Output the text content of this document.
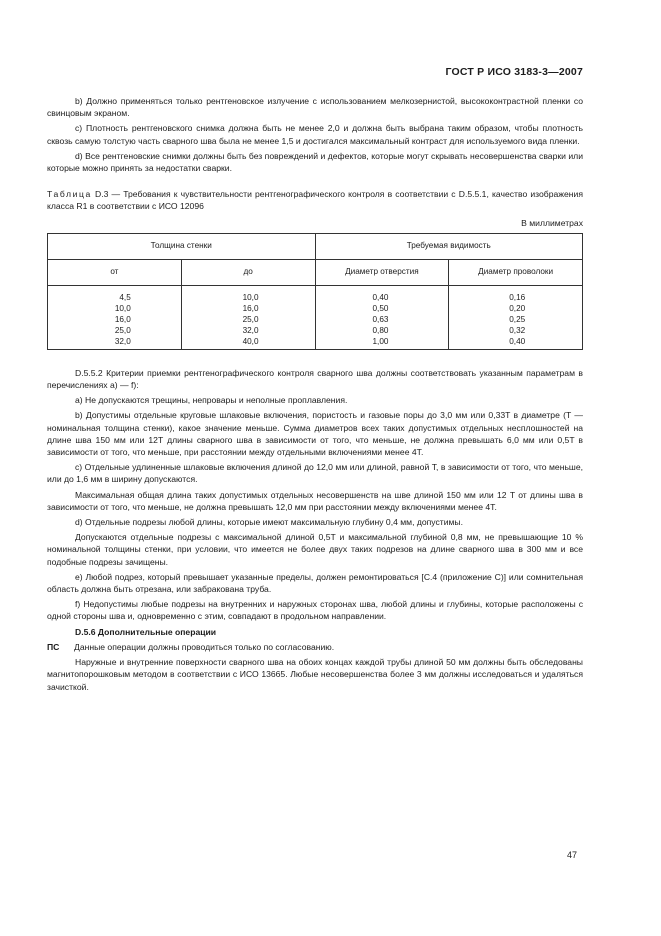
ГОСТ Р ИСО 3183-3—2007

b) Должно применяться только рентгеновское излучение с использованием мелкозернистой, высококонтрастной пленки со свинцовым экраном.

c) Плотность рентгеновского снимка должна быть не менее 2,0 и должна быть выбрана таким образом, чтобы плотность сквозь самую толстую часть сварного шва была не менее 1,5 и достигался максимальный контраст для используемого вида пленки.

d) Все рентгеновские снимки должны быть без повреждений и дефектов, которые могут скрывать несовершенства сварки или которые можно принять за недостатки сварки.

Таблица D.3 — Требования к чувствительности рентгенографического контроля в соответствии с D.5.5.1, качество изображения класса R1 в соответствии с ИСО 12096

В миллиметрах
Толщина стенки		Требуемая видимость	
от	до	Диаметр отверстия	Диаметр проволоки
4,5	10,0	0,40	0,16
10,0	16,0	0,50	0,20
16,0	25,0	0,63	0,25
25,0	32,0	0,80	0,32
32,0	40,0	1,00	0,40

D.5.5.2 Критерии приемки рентгенографического контроля сварного шва должны соответствовать указанным параметрам в перечислениях a) — f):

a) Не допускаются трещины, непровары и неполные проплавления.

b) Допустимы отдельные круговые шлаковые включения, пористость и газовые поры до 3,0 мм или 0,33T в диаметре (T — номинальная толщина стенки), какое значение меньше. Сумма диаметров всех таких допустимых отдельных несплошностей на длине шва 150 мм или 12T длины сварного шва в зависимости от того, что меньше, не должна превышать 6,0 мм или 0,5T в зависимости от того, что меньше, при расстоянии между отдельными включениями менее 4T.

c) Отдельные удлиненные шлаковые включения длиной до 12,0 мм или длиной, равной T, в зависимости от того, что меньше, или до 1,6 мм в ширину допускаются.

Максимальная общая длина таких допустимых отдельных несовершенств на шве длиной 150 мм или 12 T от длины шва в зависимости от того, что меньше, не должна превышать 12,0 мм при расстоянии между включениями менее 4T.

d) Отдельные подрезы любой длины, которые имеют максимальную глубину 0,4 мм, допустимы.

Допускаются отдельные подрезы с максимальной длиной 0,5T и максимальной глубиной 0,8 мм, не превышающие 10 % номинальной толщины стенки, при условии, что имеется не более двух таких подрезов на длине сварного шва в 300 мм и все подобные подрезы зачищены.

e) Любой подрез, который превышает указанные пределы, должен ремонтироваться [С.4 (приложение С)] или сомнительная область должна быть отрезана, или забракована труба.

f) Недопустимы любые подрезы на внутренних и наружных сторонах шва, любой длины и глубины, которые расположены с одной стороны шва и, одновременно с этим, совпадают в продольном направлении.

D.5.6 Дополнительные операции

ПС	Данные операции должны проводиться только по согласованию.

Наружные и внутренние поверхности сварного шва на обоих концах каждой трубы длиной 50 мм должны быть обследованы магнитопорошковым методом в соответствии с ИСО 13665. Любые несовершенства более 3 мм должны исследоваться и удаляться зачисткой.

47
